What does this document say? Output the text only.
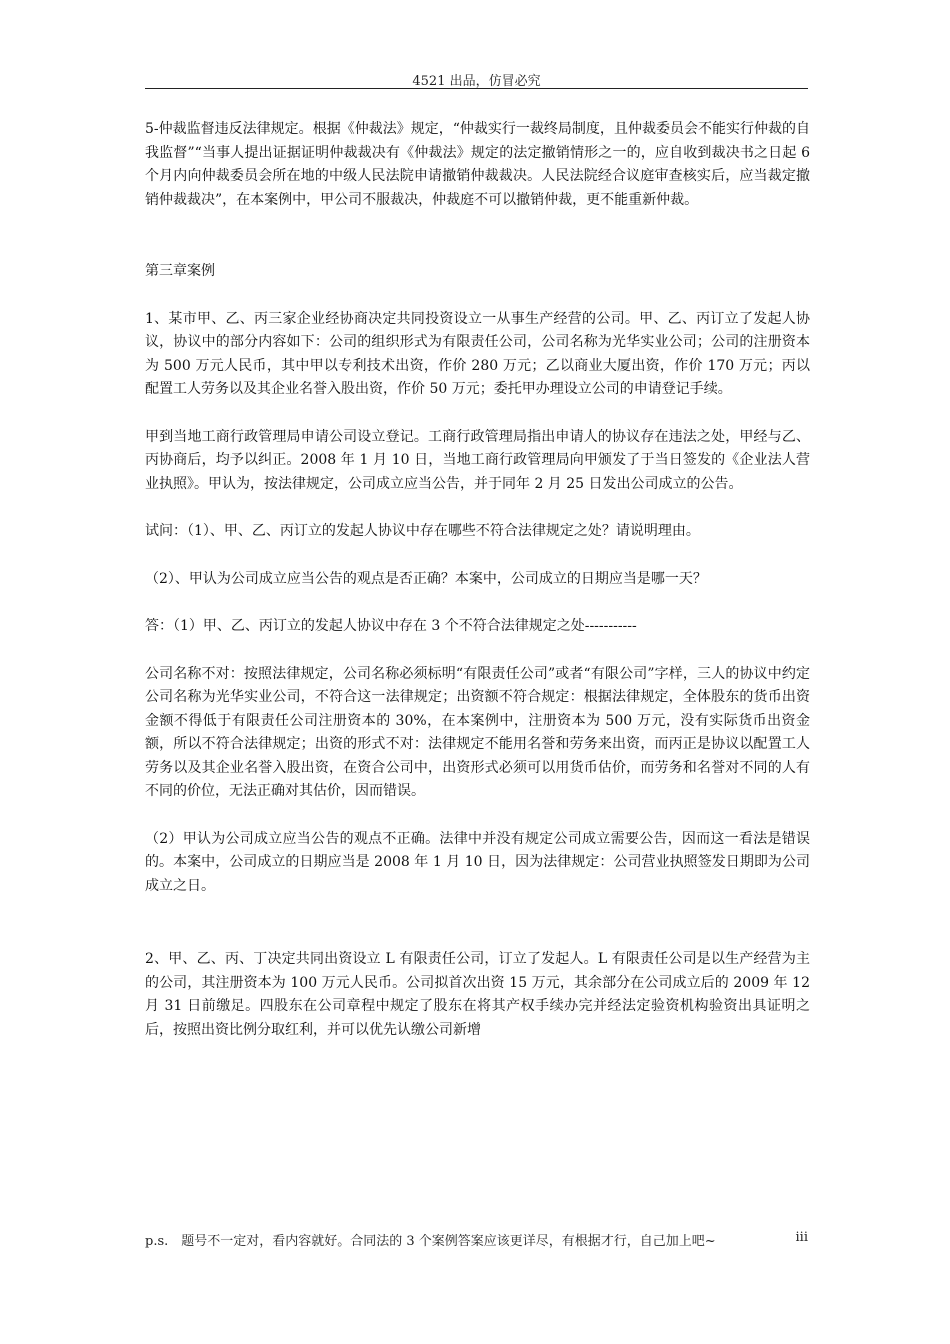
4521 出品，仿冒必究

5-仲裁监督违反法律规定。根据《仲裁法》规定，“仲裁实行一裁终局制度，且仲裁委员会不能实行仲裁的自我监督”“当事人提出证据证明仲裁裁决有《仲裁法》规定的法定撤销情形之一的，应自收到裁决书之日起 6 个月内向仲裁委员会所在地的中级人民法院申请撤销仲裁裁决。人民法院经合议庭审查核实后，应当裁定撤销仲裁裁决”，在本案例中，甲公司不服裁决，仲裁庭不可以撤销仲裁，更不能重新仲裁。

第三章案例

1、某市甲、乙、丙三家企业经协商决定共同投资设立一从事生产经营的公司。甲、乙、丙订立了发起人协议，协议中的部分内容如下：公司的组织形式为有限责任公司，公司名称为光华实业公司；公司的注册资本为 500 万元人民币，其中甲以专利技术出资，作价 280 万元；乙以商业大厦出资，作价 170 万元；丙以配置工人劳务以及其企业名誉入股出资，作价 50 万元；委托甲办理设立公司的申请登记手续。

甲到当地工商行政管理局申请公司设立登记。工商行政管理局指出申请人的协议存在违法之处，甲经与乙、丙协商后，均予以纠正。2008 年 1 月 10 日，当地工商行政管理局向甲颁发了于当日签发的《企业法人营业执照》。甲认为，按法律规定，公司成立应当公告，并于同年 2 月 25 日发出公司成立的公告。

试问：（1）、甲、乙、丙订立的发起人协议中存在哪些不符合法律规定之处？请说明理由。

（2）、甲认为公司成立应当公告的观点是否正确？本案中，公司成立的日期应当是哪一天？

答：（1）甲、乙、丙订立的发起人协议中存在 3 个不符合法律规定之处-----------

公司名称不对：按照法律规定，公司名称必须标明“有限责任公司”或者“有限公司”字样，三人的协议中约定公司名称为光华实业公司，不符合这一法律规定；出资额不符合规定：根据法律规定，全体股东的货币出资金额不得低于有限责任公司注册资本的 30%，在本案例中，注册资本为 500 万元，没有实际货币出资金额，所以不符合法律规定；出资的形式不对：法律规定不能用名誉和劳务来出资，而丙正是协议以配置工人劳务以及其企业名誉入股出资，在资合公司中，出资形式必须可以用货币估价，而劳务和名誉对不同的人有不同的价位，无法正确对其估价，因而错误。

（2）甲认为公司成立应当公告的观点不正确。法律中并没有规定公司成立需要公告，因而这一看法是错误的。本案中，公司成立的日期应当是 2008 年 1 月 10 日，因为法律规定：公司营业执照签发日期即为公司成立之日。

2、甲、乙、丙、丁决定共同出资设立 L 有限责任公司，订立了发起人。L 有限责任公司是以生产经营为主的公司，其注册资本为 100 万元人民币。公司拟首次出资 15 万元，其余部分在公司成立后的 2009 年 12 月 31 日前缴足。四股东在公司章程中规定了股东在将其产权手续办完并经法定验资机构验资出具证明之后，按照出资比例分取红利，并可以优先认缴公司新增

p.s.　题号不一定对，看内容就好。合同法的 3 个案例答案应该更详尽，有根据才行，自己加上吧~	iii
